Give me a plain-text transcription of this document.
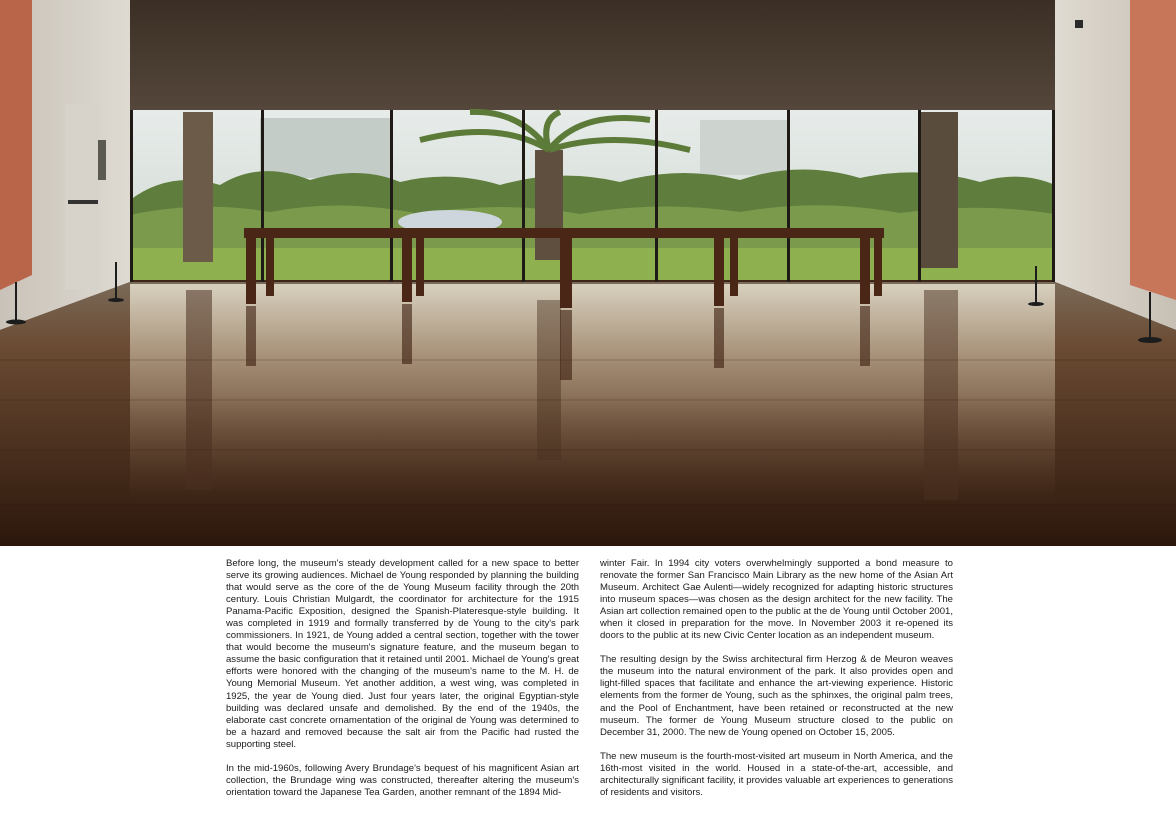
Before long, the museum's steady development called for a new space to better serve its growing audiences. Michael de Young responded by planning the building that would serve as the core of the de Young Museum facility through the 20th century. Louis Christian Mulgardt, the coordinator for architecture for the 1915 Panama-Pacific Exposition, designed the Spanish-Plateresque-style building. It was completed in 1919 and formally transferred by de Young to the city's park commissioners. In 1921, de Young added a central section, together with the tower that would become the museum's signature feature, and the museum began to assume the basic configuration that it retained until 2001. Michael de Young's great efforts were honored with the changing of the museum's name to the M. H. de Young Memorial Museum. Yet another addition, a west wing, was completed in 1925, the year de Young died. Just four years later, the original Egyptian-style building was declared unsafe and demolished. By the end of the 1940s, the elaborate cast concrete ornamentation of the original de Young was determined to be a hazard and removed because the salt air from the Pacific had rusted the supporting steel.

In the mid-1960s, following Avery Brundage's bequest of his magnificent Asian art collection, the Brundage wing was constructed, thereafter altering the museum's orientation toward the Japanese Tea Garden, another remnant of the 1894 Mid-

winter Fair. In 1994 city voters overwhelmingly supported a bond measure to renovate the former San Francisco Main Library as the new home of the Asian Art Museum. Architect Gae Aulenti—widely recognized for adapting historic structures into museum spaces—was chosen as the design architect for the new facility. The Asian art collection remained open to the public at the de Young until October 2001, when it closed in preparation for the move. In November 2003 it re-opened its doors to the public at its new Civic Center location as an independent museum.

The resulting design by the Swiss architectural firm Herzog & de Meuron weaves the museum into the natural environment of the park. It also provides open and light-filled spaces that facilitate and enhance the art-viewing experience. Historic elements from the former de Young, such as the sphinxes, the original palm trees, and the Pool of Enchantment, have been retained or reconstructed at the new museum. The former de Young Museum structure closed to the public on December 31, 2000. The new de Young opened on October 15, 2005.

The new museum is the fourth-most-visited art museum in North America, and the 16th-most visited in the world. Housed in a state-of-the-art, accessible, and architecturally significant facility, it provides valuable art experiences to generations of residents and visitors.
